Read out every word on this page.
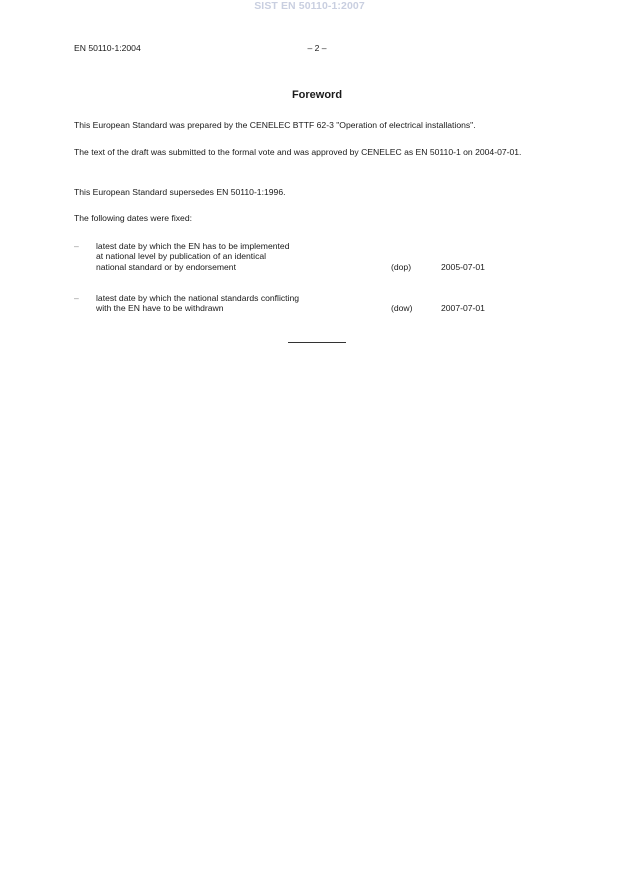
SIST EN 50110-1:2007
EN 50110-1:2004	– 2 –
Foreword
This European Standard was prepared by the CENELEC BTTF 62-3 "Operation of electrical installations".
The text of the draft was submitted to the formal vote and was approved by CENELEC as EN 50110-1 on 2004-07-01.
This European Standard supersedes EN 50110-1:1996.
The following dates were fixed:
– latest date by which the EN has to be implemented
at national level by publication of an identical
national standard or by endorsement	(dop)	2005-07-01
– latest date by which the national standards conflicting
with the EN have to be withdrawn	(dow)	2007-07-01
